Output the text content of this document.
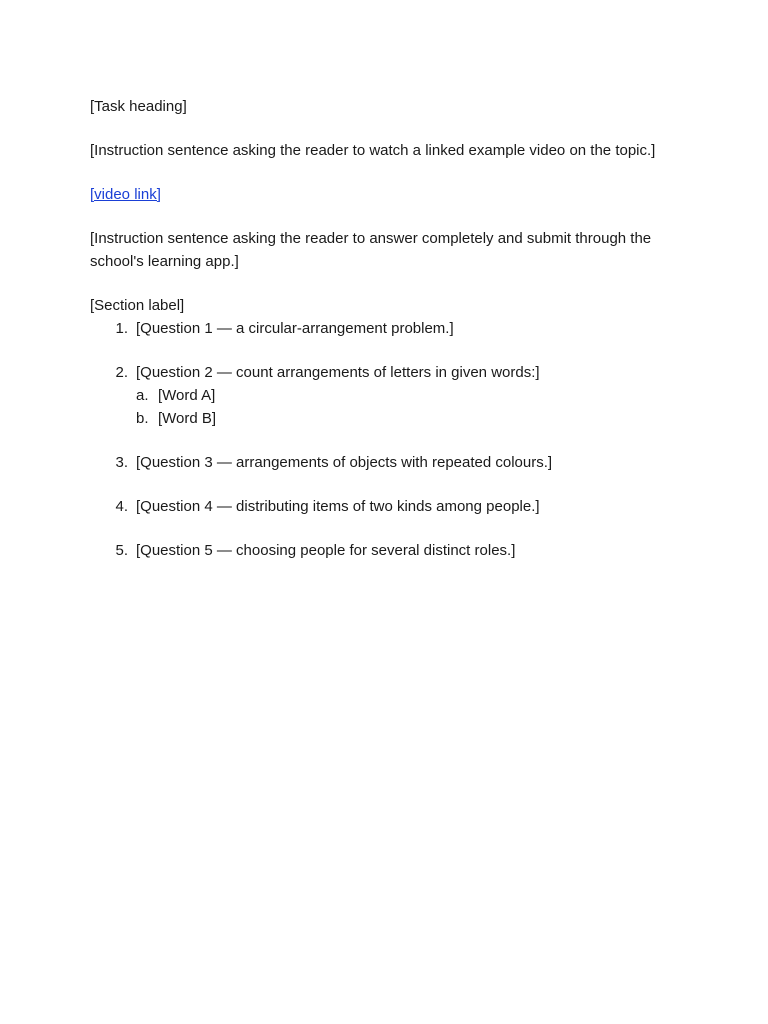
[Task heading]
[Instruction sentence asking the reader to watch a linked example video on the topic.]
[video link]
[Instruction sentence asking the reader to answer completely and submit through the school's learning app.]
[Section label]
1. [Question 1 — a circular-arrangement problem.]
2. [Question 2 — count arrangements of letters in given words:]
a. [Word A]
b. [Word B]
3. [Question 3 — arrangements of objects with repeated colours.]
4. [Question 4 — distributing items of two kinds among people.]
5. [Question 5 — choosing people for several distinct roles.]
